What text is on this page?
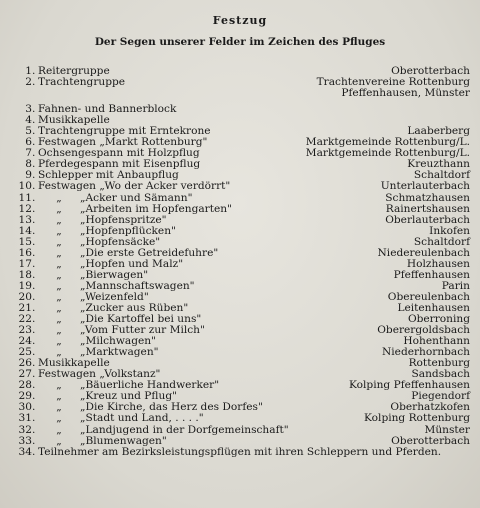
Festzug
Der Segen unserer Felder im Zeichen des Pfluges
1 . Reitergruppe	Oberotterbach
2 . Trachtengruppe	Trachtenvereine Rottenburg
Pfeffenhausen, Münster
3 . Fahnen- und Bannerblock
4 . Musikkapelle
5 . Trachtengruppe mit Erntekrone	Laaberberg
6 . Festwagen „Markt Rottenburg"	Marktgemeinde Rottenburg/L.
7 . Ochsengespann mit Holzpflug	Marktgemeinde Rottenburg/L.
8 . Pferdegespann mit Eisenpflug	Kreuzthann
9 . Schlepper mit Anbaupflug	Schaltdorf
10 . Festwagen „Wo der Acker verdörrt"	Unterlauterbach
11 .	„ „Acker und Sämann"	Schmatzhausen
12 .	„ „Arbeiten im Hopfengarten"	Rainertshausen
13 .	„ „Hopfenspritze"	Oberlauterbach
14 .	„ „Hopfenpflücken"	Inkofen
15 .	„ „Hopfensäcke"	Schaltdorf
16 .	„ „Die erste Getreidefuhre"	Niedereulenbach
17 .	„ „Hopfen und Malz"	Holzhausen
18 .	„ „Bierwagen"	Pfeffenhausen
19 .	„ „Mannschaftswagen"	Parin
20 .	„ „Weizenfeld"	Obereulenbach
21 .	„ „Zucker aus Rüben"	Leitenhausen
22 .	„ „Die Kartoffel bei uns"	Oberroning
23 .	„ „Vom Futter zur Milch"	Oberergoldsbach
24 .	„ „Milchwagen"	Hohenthann
25 .	„ „Marktwagen"	Niederhornbach
26 . Musikkapelle	Rottenburg
27 . Festwagen „Volkstanz"	Sandsbach
28 .	„ „Bäuerliche Handwerker"	Kolping Pfeffenhausen
29 .	„ „Kreuz und Pflug"	Piegendorf
30 .	„ „Die Kirche, das Herz des Dorfes"	Oberhatzkofen
31 .	„ „Stadt und Land, . . . ."	Kolping Rottenburg
32 .	„ „Landjugend in der Dorfgemeinschaft"	Münster
33 .	„ „Blumenwagen"	Oberotterbach
34 . Teilnehmer am Bezirksleistungspflügen mit ihren Schleppern und Pferden.
